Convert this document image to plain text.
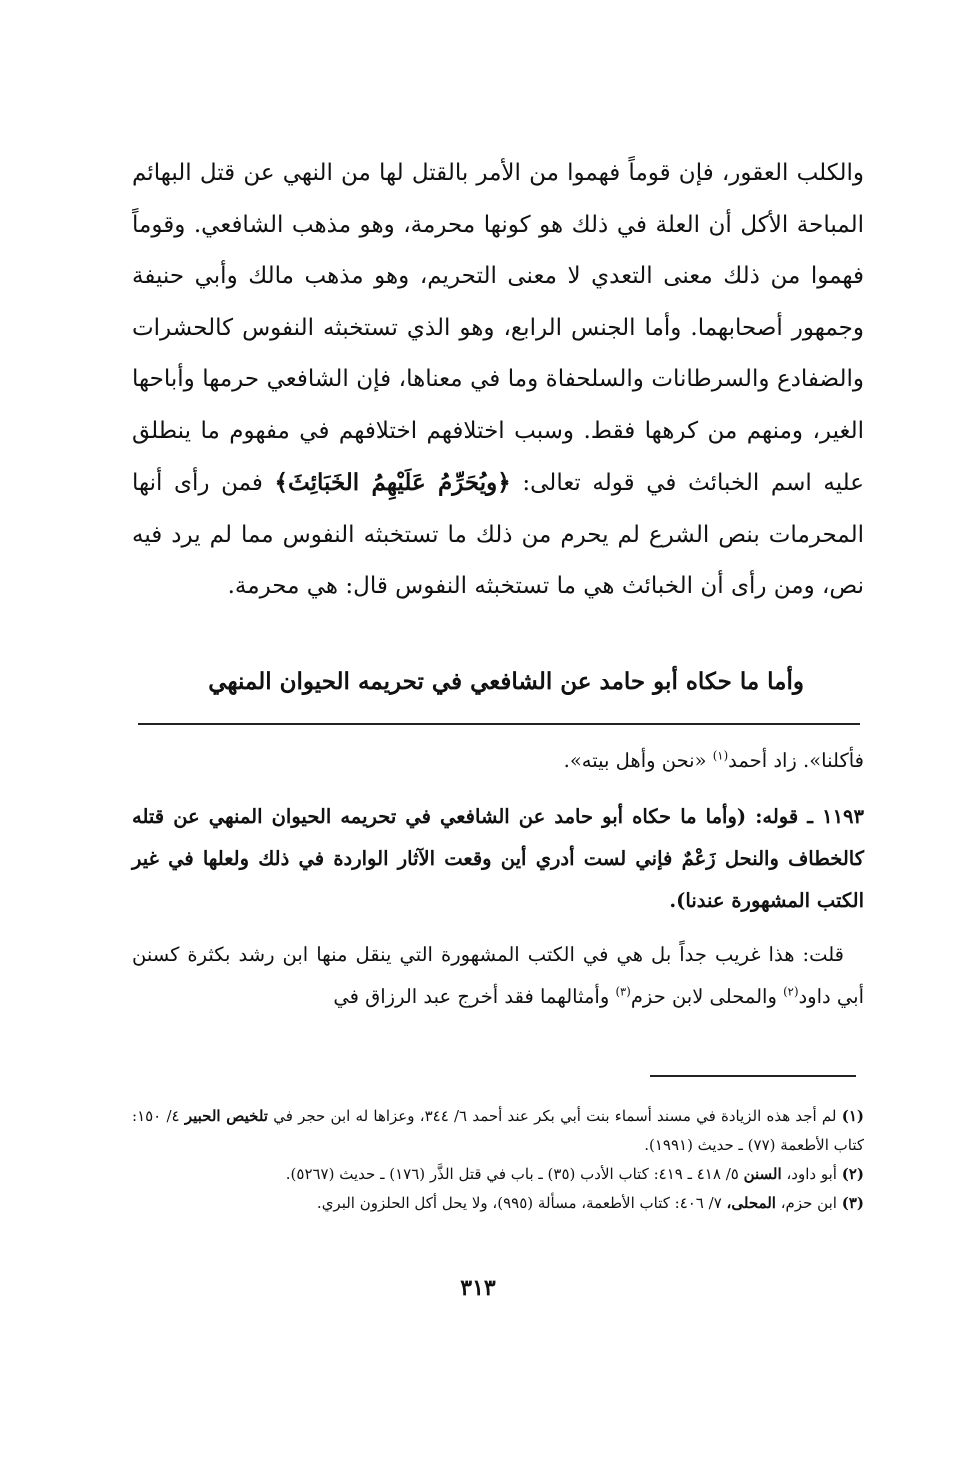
والكلب العقور، فإن قوماً فهموا من الأمر بالقتل لها من النهي عن قتل البهائم المباحة الأكل أن العلة في ذلك هو كونها محرمة، وهو مذهب الشافعي. وقوماً فهموا من ذلك معنى التعدي لا معنى التحريم، وهو مذهب مالك وأبي حنيفة وجمهور أصحابهما. وأما الجنس الرابع، وهو الذي تستخبثه النفوس كالحشرات والضفادع والسرطانات والسلحفاة وما في معناها، فإن الشافعي حرمها وأباحها الغير، ومنهم من كرهها فقط. وسبب اختلافهم اختلافهم في مفهوم ما ينطلق عليه اسم الخبائث في قوله تعالى: ﴿ويُحَرِّمُ عَلَيْهِمُ الخَبَائِثَ﴾ فمن رأى أنها المحرمات بنص الشرع لم يحرم من ذلك ما تستخبثه النفوس مما لم يرد فيه نص، ومن رأى أن الخبائث هي ما تستخبثه النفوس قال: هي محرمة.

وأما ما حكاه أبو حامد عن الشافعي في تحريمه الحيوان المنهي

فأكلنا». زاد أحمد$^{(١)}$ «نحن وأهل بيته».

١١٩٣ ـ قوله: (وأما ما حكاه أبو حامد عن الشافعي في تحريمه الحيوان المنهي عن قتله كالخطاف والنحل زَعْمٌ فإني لست أدري أين وقعت الآثار الواردة في ذلك ولعلها في غير الكتب المشهورة عندنا).

قلت: هذا غريب جداً بل هي في الكتب المشهورة التي ينقل منها ابن رشد بكثرة كسنن أبي داود$^{(٢)}$ والمحلى لابن حزم$^{(٣)}$ وأمثالهما فقد أخرج عبد الرزاق في

(١) لم أجد هذه الزيادة في مسند أسماء بنت أبي بكر عند أحمد ٦/ ٣٤٤، وعزاها له ابن حجر في تلخيص الحبير ٤/ ١٥٠: كتاب الأطعمة (٧٧) ـ حديث (١٩٩١).

(٢) أبو داود، السنن ٥/ ٤١٨ ـ ٤١٩: كتاب الأدب (٣٥) ـ باب في قتل الذَّر (١٧٦) ـ حديث (٥٢٦٧).

(٣) ابن حزم، المحلى، ٧/ ٤٠٦: كتاب الأطعمة، مسألة (٩٩٥)، ولا يحل أكل الحلزون البري.

٣١٣
